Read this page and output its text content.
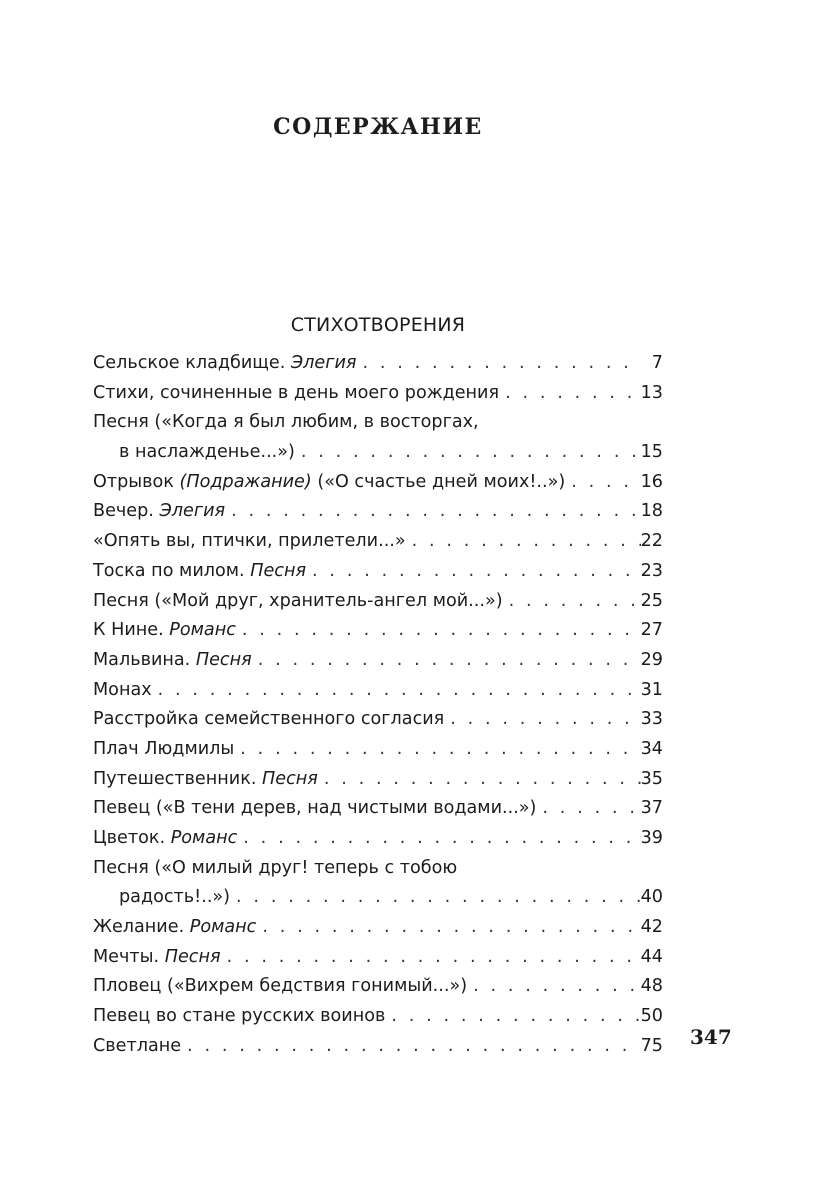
СОДЕРЖАНИЕ
СТИХОТВОРЕНИЯ
Сельское кладбище. Элегия . . .	7
Стихи, сочиненные в день моего рождения . . .	13
Песня («Когда я был любим, в восторгах,
в наслажденье...») . . .	15
Отрывок (Подражание) («О счастье дней моих!..») . . .	16
Вечер. Элегия . . .	18
«Опять вы, птички, прилетели...» . . .	22
Тоска по милом. Песня . . .	23
Песня («Мой друг, хранитель-ангел мой...») . . .	25
К Нине. Романс . . .	27
Мальвина. Песня . . .	29
Монах . . .	31
Расстройка семейственного согласия . . .	33
Плач Людмилы . . .	34
Путешественник. Песня . . .	35
Певец («В тени дерев, над чистыми водами...») . . .	37
Цветок. Романс . . .	39
Песня («О милый друг! теперь с тобою
радость!..») . . .	40
Желание. Романс . . .	42
Мечты. Песня . . .	44
Пловец («Вихрем бедствия гонимый...») . . .	48
Певец во стане русских воинов . . .	50
Светлане . . .	75 347
